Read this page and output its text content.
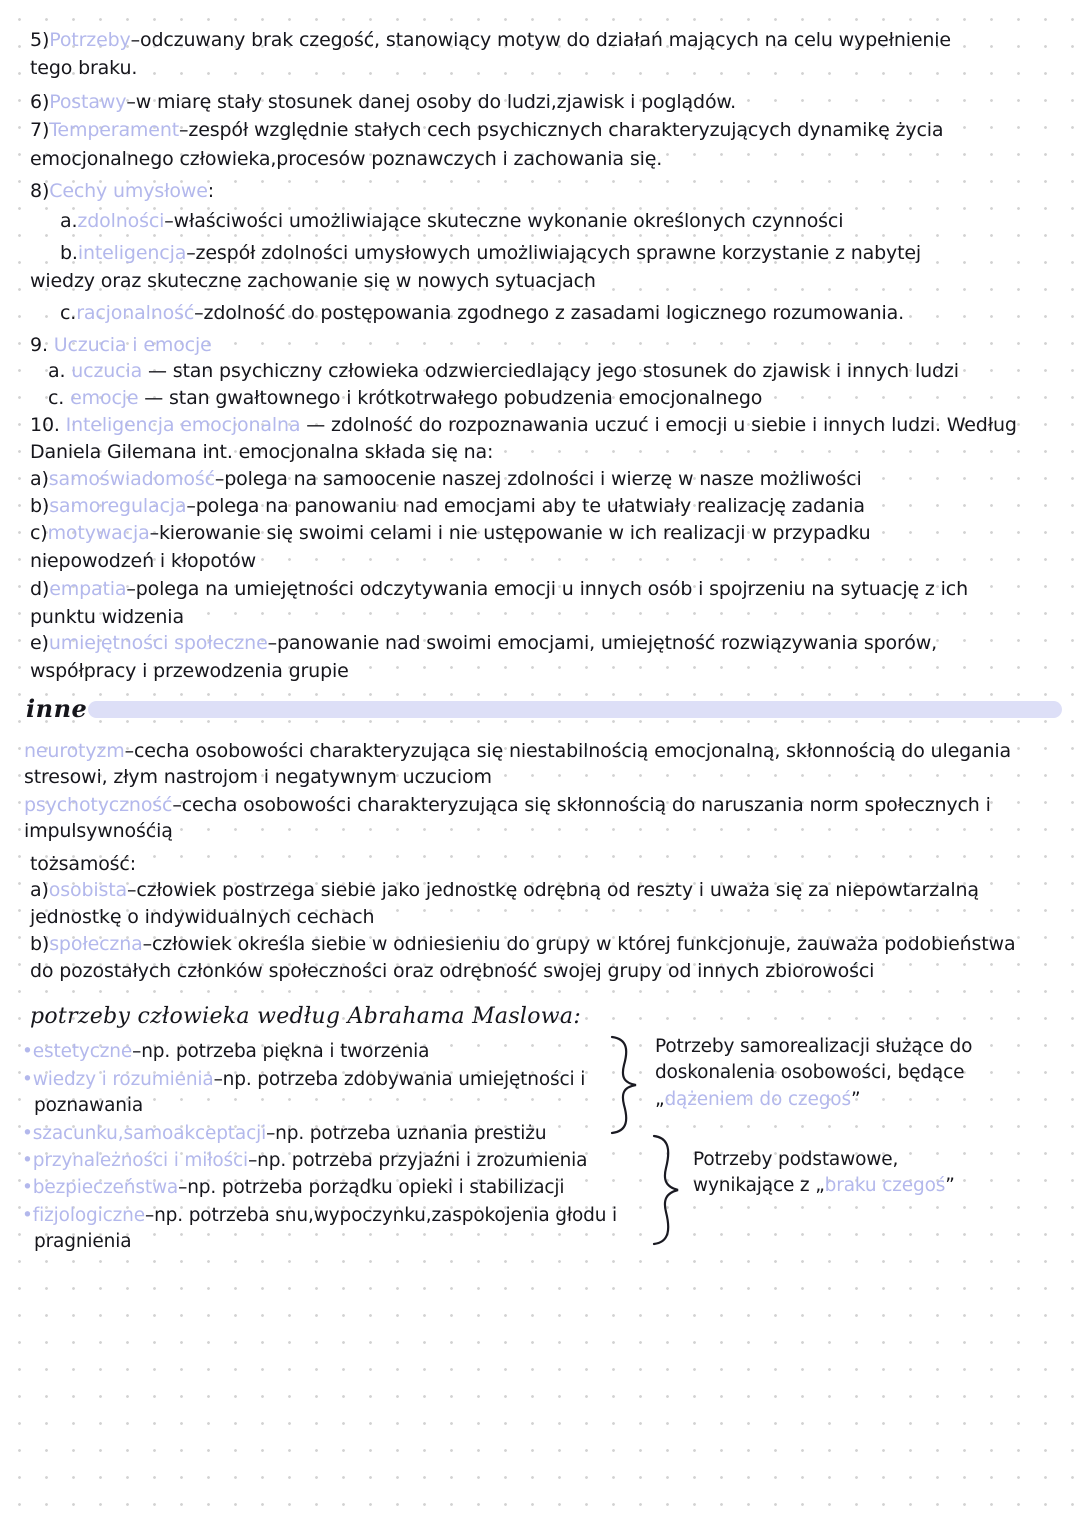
5)Potrzeby–odczuwany brak czegość, stanowiący motyw do działań mających na celu wypełnienie
tego braku.
6)Postawy–w miarę stały stosunek danej osoby do ludzi,zjawisk i poglądów.
7)Temperament–zespół względnie stałych cech psychicznych charakteryzujących dynamikę życia
emocjonalnego człowieka,procesów poznawczych i zachowania się.
8)Cechy umysłowe:
a.zdolności–właściwości umożliwiające skuteczne wykonanie określonych czynności
b.inteligencja–zespół zdolności umysłowych umożliwiających sprawne korzystanie z nabytej
wiedzy oraz skuteczne zachowanie się w nowych sytuacjach
c.racjonalność–zdolność do postępowania zgodnego z zasadami logicznego rozumowania.
9. Uczucia i emocje
a. uczucia — stan psychiczny człowieka odzwierciedlający jego stosunek do zjawisk i innych ludzi
c. emocje — stan gwałtownego i krótkotrwałego pobudzenia emocjonalnego
10. Inteligencja emocjonalna — zdolność do rozpoznawania uczuć i emocji u siebie i innych ludzi. Według
Daniela Gilemana int. emocjonalna składa się na:
a)samoświadomość–polega na samoocenie naszej zdolności i wierzę w nasze możliwości
b)samoregulacja–polega na panowaniu nad emocjami aby te ułatwiały realizację zadania
c)motywacja–kierowanie się swoimi celami i nie ustępowanie w ich realizacji w przypadku
niepowodzeń i kłopotów
d)empatia–polega na umiejętności odczytywania emocji u innych osób i spojrzeniu na sytuację z ich
punktu widzenia
e)umiejętności społeczne–panowanie nad swoimi emocjami, umiejętność rozwiązywania sporów,
współpracy i przewodzenia grupie
neurotyzm–cecha osobowości charakteryzująca się niestabilnością emocjonalną, skłonnością do ulegania
stresowi, złym nastrojom i negatywnym uczuciom
psychotyczność–cecha osobowości charakteryzująca się skłonnością do naruszania norm społecznych i
impulsywnośćią
tożsamość:
a)osobista–człowiek postrzega siebie jako jednostkę odrębną od reszty i uważa się za niepowtarzalną
jednostkę o indywidualnych cechach
b)społeczna–człowiek określa siebie w odniesieniu do grupy w której funkcjonuje, zauważa podobieństwa
do pozostałych członków społeczności oraz odrębność swojej grupy od innych zbiorowości
•estetyczne–np. potrzeba piękna i tworzenia
•wiedzy i rozumienia–np. potrzeba zdobywania umiejętności i
poznawania
•szacunku,samoakceptacji–np. potrzeba uznania prestiżu
•przynależności i miłości–np. potrzeba przyjaźni i zrozumienia
•bezpieczeństwa–np. potrzeba porządku opieki i stabilizacji
•fizjologiczne–np. potrzeba snu,wypoczynku,zaspokojenia głodu i
pragnienia
Potrzeby samorealizacji służące do
doskonalenia osobowości, będące
„dążeniem do czegoś”
Potrzeby podstawowe,
wynikające z „braku czegoś”
inne
potrzeby człowieka według Abrahama Maslowa:
